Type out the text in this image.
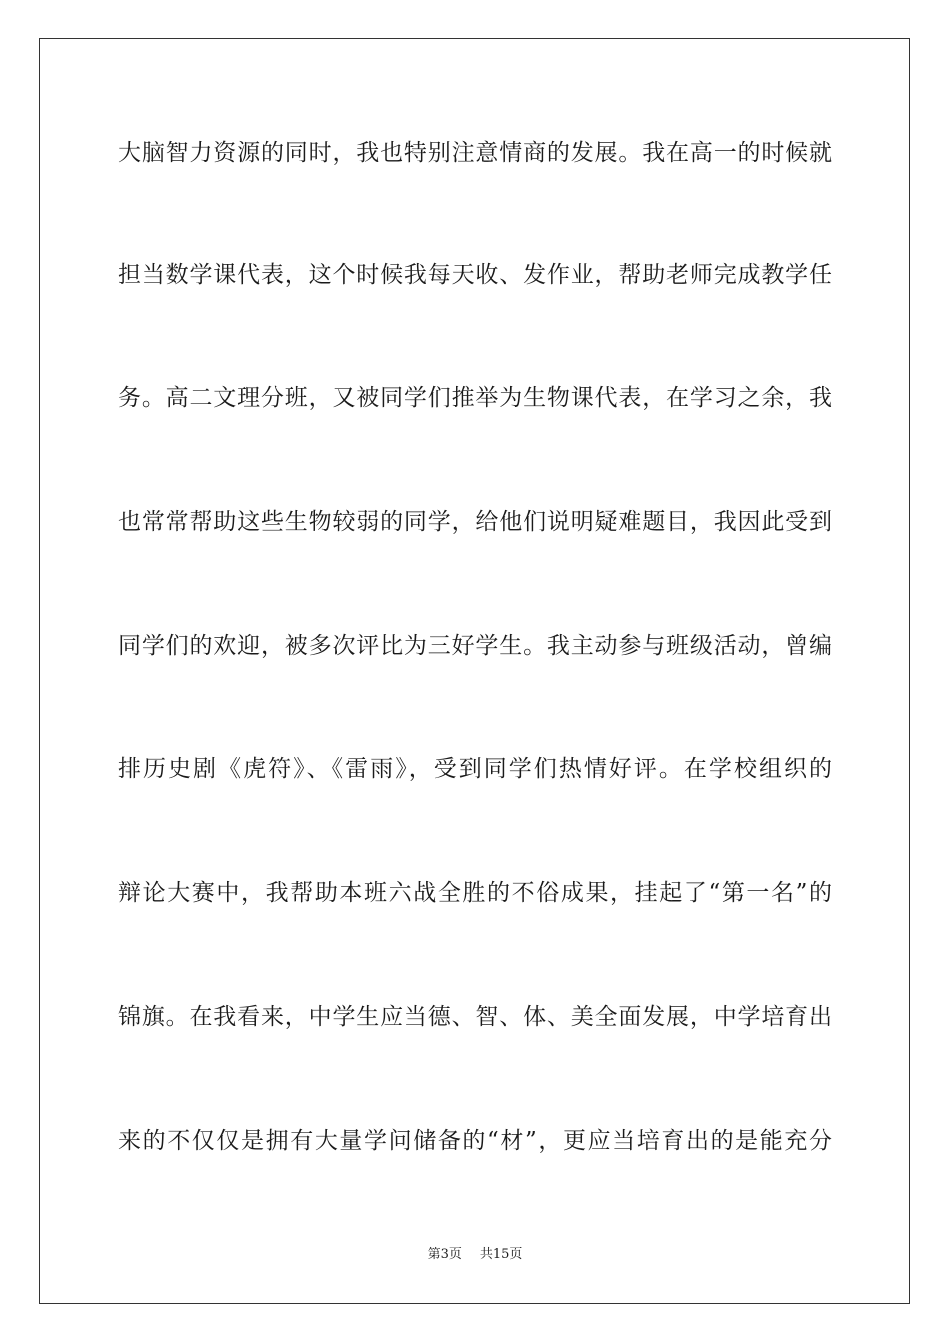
大脑智力资源的同时，我也特别注意情商的发展。我在高一的时候就
担当数学课代表，这个时候我每天收、发作业，帮助老师完成教学任
务。高二文理分班，又被同学们推举为生物课代表，在学习之余，我
也常常帮助这些生物较弱的同学，给他们说明疑难题目，我因此受到
同学们的欢迎，被多次评比为三好学生。我主动参与班级活动，曾编
排历史剧《虎符》、《雷雨》，受到同学们热情好评。在学校组织的
辩论大赛中，我帮助本班六战全胜的不俗成果，挂起了“第一名”的
锦旗。在我看来，中学生应当德、智、体、美全面发展，中学培育出
来的不仅仅是拥有大量学问储备的“材”，更应当培育出的是能充分
第3页 共15页
